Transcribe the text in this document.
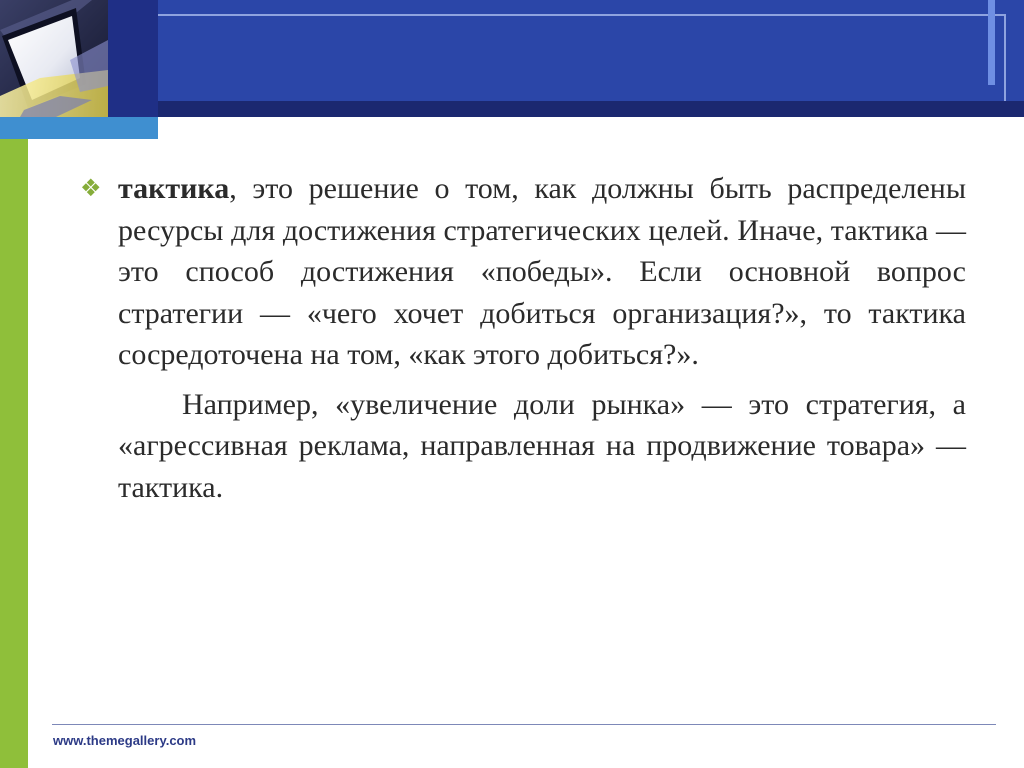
❖ тактика, это решение о том, как должны быть распределены ресурсы для достижения стратегических целей. Иначе, тактика — это способ достижения «победы». Если основной вопрос стратегии — «чего хочет добиться организация?», то тактика сосредоточена на том, «как этого добиться?».

Например, «увеличение доли рынка» — это стратегия, а «агрессивная реклама, направленная на продвижение товара» — тактика.

www.themegallery.com
